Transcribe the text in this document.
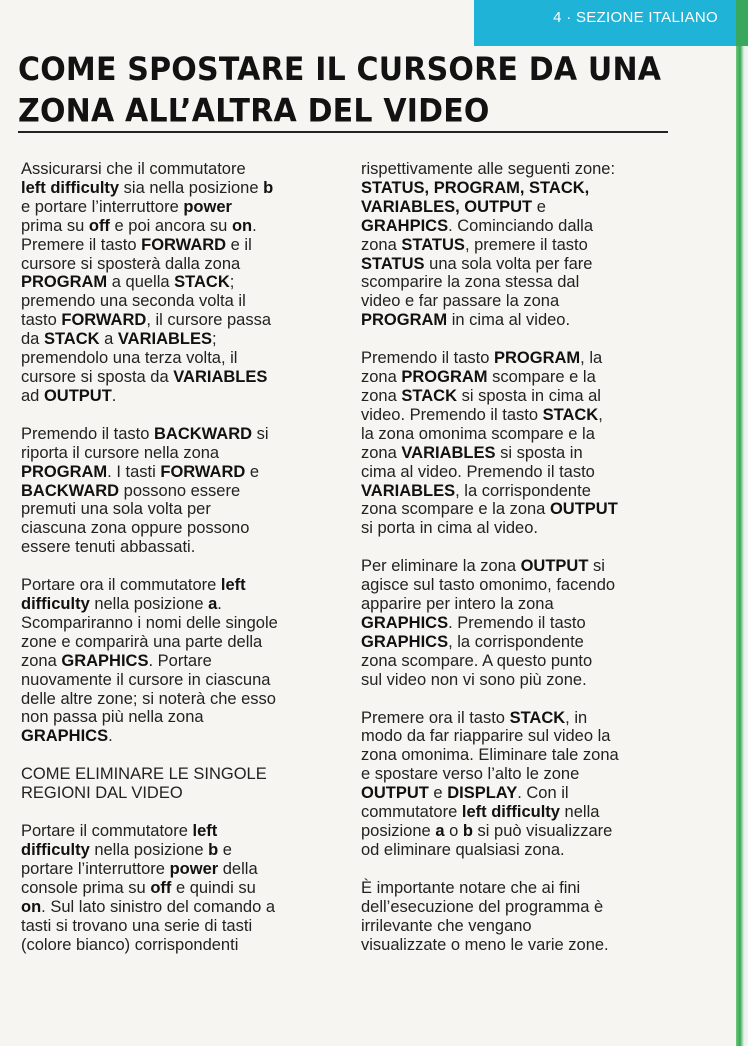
4 · SEZIONE ITALIANO
COME SPOSTARE IL CURSORE DA UNA
ZONA ALL’ALTRA DEL VIDEO

Assicurarsi che il commutatore
left difficulty sia nella posizione b
e portare l’interruttore power
prima su off e poi ancora su on.
Premere il tasto FORWARD e il
cursore si sposterà dalla zona
PROGRAM a quella STACK;
premendo una seconda volta il
tasto FORWARD, il cursore passa
da STACK a VARIABLES;
premendolo una terza volta, il
cursore si sposta da VARIABLES
ad OUTPUT.

Premendo il tasto BACKWARD si
riporta il cursore nella zona
PROGRAM. I tasti FORWARD e
BACKWARD possono essere
premuti una sola volta per
ciascuna zona oppure possono
essere tenuti abbassati.

Portare ora il commutatore left
difficulty nella posizione a.
Scompariranno i nomi delle singole
zone e comparirà una parte della
zona GRAPHICS. Portare
nuovamente il cursore in ciascuna
delle altre zone; si noterà che esso
non passa più nella zona
GRAPHICS.

COME ELIMINARE LE SINGOLE
REGIONI DAL VIDEO

Portare il commutatore left
difficulty nella posizione b e
portare l’interruttore power della
console prima su off e quindi su
on. Sul lato sinistro del comando a
tasti si trovano una serie di tasti
(colore bianco) corrispondenti

rispettivamente alle seguenti zone:
STATUS, PROGRAM, STACK,
VARIABLES, OUTPUT e
GRAHPICS. Cominciando dalla
zona STATUS, premere il tasto
STATUS una sola volta per fare
scomparire la zona stessa dal
video e far passare la zona
PROGRAM in cima al video.

Premendo il tasto PROGRAM, la
zona PROGRAM scompare e la
zona STACK si sposta in cima al
video. Premendo il tasto STACK,
la zona omonima scompare e la
zona VARIABLES si sposta in
cima al video. Premendo il tasto
VARIABLES, la corrispondente
zona scompare e la zona OUTPUT
si porta in cima al video.

Per eliminare la zona OUTPUT si
agisce sul tasto omonimo, facendo
apparire per intero la zona
GRAPHICS. Premendo il tasto
GRAPHICS, la corrispondente
zona scompare. A questo punto
sul video non vi sono più zone.

Premere ora il tasto STACK, in
modo da far riapparire sul video la
zona omonima. Eliminare tale zona
e spostare verso l’alto le zone
OUTPUT e DISPLAY. Con il
commutatore left difficulty nella
posizione a o b si può visualizzare
od eliminare qualsiasi zona.

È importante notare che ai fini
dell’esecuzione del programma è
irrilevante che vengano
visualizzate o meno le varie zone.
